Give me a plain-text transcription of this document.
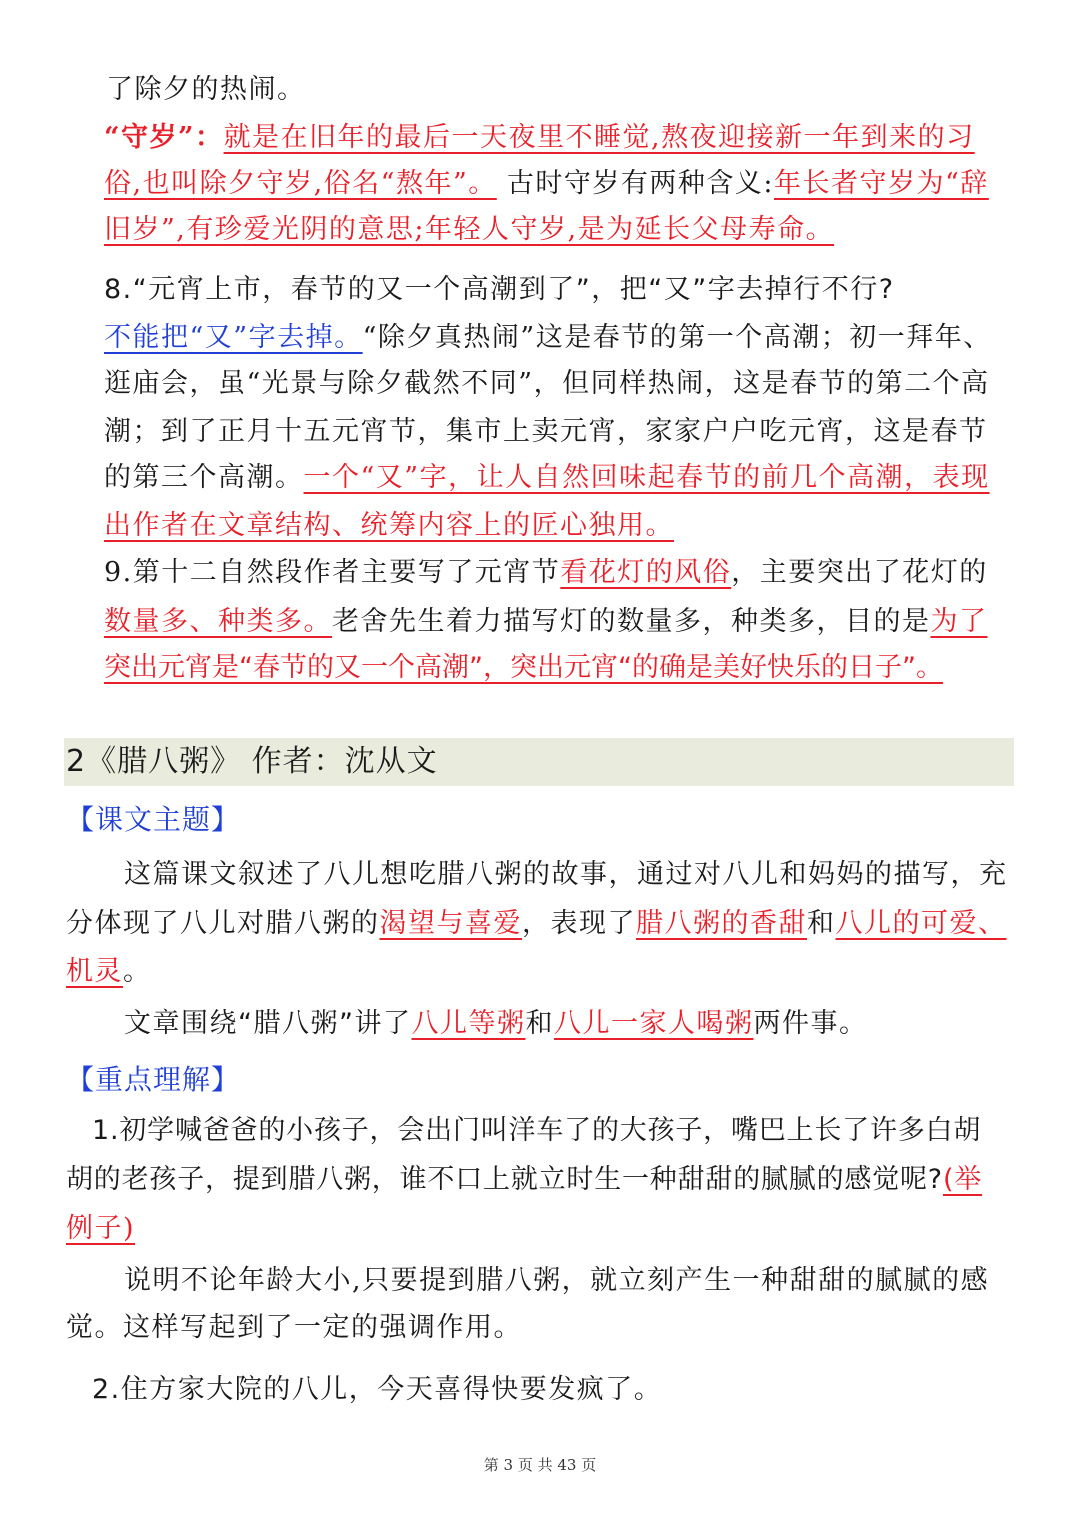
了除夕的热闹。
“守岁”：就是在旧年的最后一天夜里不睡觉,熬夜迎接新一年到来的习
俗,也叫除夕守岁,俗名“熬年”。 古时守岁有两种含义:年长者守岁为“辞
旧岁”,有珍爱光阴的意思;年轻人守岁,是为延长父母寿命。
8.“元宵上市，春节的又一个高潮到了”，把“又”字去掉行不行?
不能把“又”字去掉。“除夕真热闹”这是春节的第一个高潮；初一拜年、
逛庙会，虽“光景与除夕截然不同”，但同样热闹，这是春节的第二个高
潮；到了正月十五元宵节，集市上卖元宵，家家户户吃元宵，这是春节
的第三个高潮。一个“又”字，让人自然回味起春节的前几个高潮，表现
出作者在文章结构、统筹内容上的匠心独用。
9.第十二自然段作者主要写了元宵节看花灯的风俗，主要突出了花灯的
数量多、种类多。老舍先生着力描写灯的数量多，种类多，目的是为了
突出元宵是“春节的又一个高潮”，突出元宵“的确是美好快乐的日子”。
2《腊八粥》 作者：沈从文
【课文主题】
这篇课文叙述了八儿想吃腊八粥的故事，通过对八儿和妈妈的描写，充
分体现了八儿对腊八粥的渴望与喜爱，表现了腊八粥的香甜和八儿的可爱、
机灵。
文章围绕“腊八粥”讲了八儿等粥和八儿一家人喝粥两件事。
【重点理解】
1.初学喊爸爸的小孩子，会出门叫洋车了的大孩子，嘴巴上长了许多白胡
胡的老孩子，提到腊八粥，谁不口上就立时生一种甜甜的腻腻的感觉呢?(举
例子)
说明不论年龄大小,只要提到腊八粥，就立刻产生一种甜甜的腻腻的感
觉。这样写起到了一定的强调作用。
2.住方家大院的八儿，今天喜得快要发疯了。
第 3 页 共 43 页
